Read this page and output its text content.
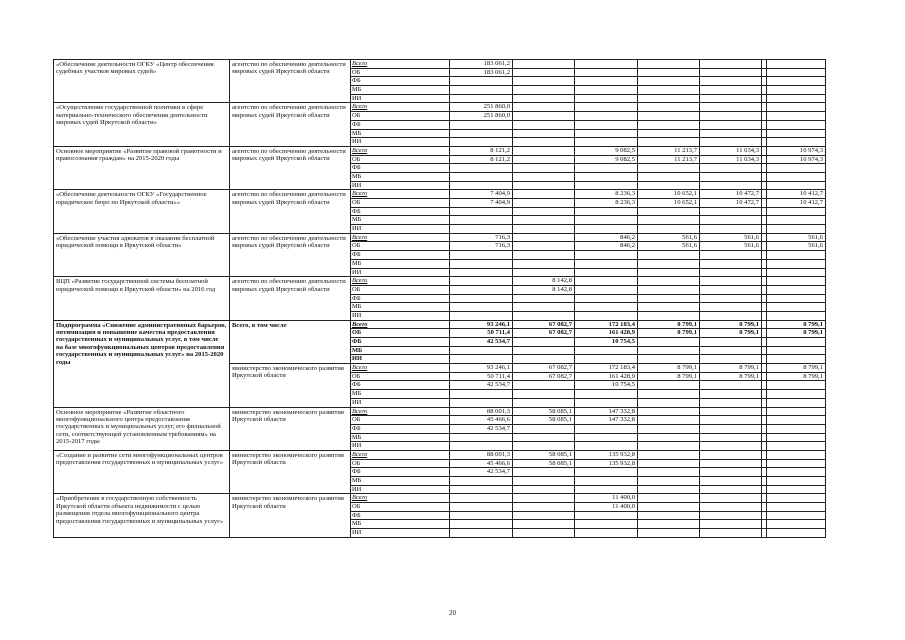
«Обеспечение деятельности ОГКУ «Центр обеспечения судебных участков мировых судей»	агентство по обеспечению деятельности мировых судей Иркутской области	Всего	183 061,2						
		ОБ	183 061,2						
		ФБ							
		МБ							
		ИИ							
«Осуществление государственной политики в сфере материально-технического обеспечения деятельности мировых судей Иркутской области»	агентство по обеспечению деятельности мировых судей Иркутской области	Всего	251 860,0						
		ОБ	251 860,0						
		ФБ							
		МБ							
		ИИ							
Основное мероприятие «Развитие правовой грамотности и правосознания граждан» на 2015-2020 годы	агентство по обеспечению деятельности мировых судей Иркутской области	Всего	8 121,2		9 082,5	11 213,7	11 034,3		10 974,3
		ОБ	8 121,2		9 082,5	11 213,7	11 034,3		10 974,3
		ФБ							
		МБ							
		ИИ							
«Обеспечение деятельности ОГКУ «Государственное юридическое бюро по Иркутской области»»	агентство по обеспечению деятельности мировых судей Иркутской области	Всего	7 404,9		8 236,3	10 652,1	10 472,7		10 412,7
		ОБ	7 404,9		8 236,3	10 652,1	10 472,7		10 412,7
		ФБ							
		МБ							
		ИИ							
«Обеспечение участия адвокатов в оказании бесплатной юридической помощи в Иркутской области»	агентство по обеспечению деятельности мировых судей Иркутской области	Всего	716,3		846,2	561,6	561,6		561,6
		ОБ	716,3		846,2	561,6	561,6		561,6
		ФБ							
		МБ							
		ИИ							
ВЦП «Развитие государственной системы бесплатной юридической помощи в Иркутской области» на 2016 год	агентство по обеспечению деятельности мировых судей Иркутской области	Всего		8 142,8					
		ОБ		8 142,8					
		ФБ							
		МБ							
		ИИ							
Подпрограмма «Снижение административных барьеров, оптимизация и повышение качества предоставления государственных и муниципальных услуг, в том числе на базе многофункциональных центров предоставления государственных и муниципальных услуг» на 2015-2020 годы	Всего, в том числе	Всего	93 246,1	67 082,7	172 183,4	8 799,1	8 799,1		8 799,1
		ОБ	50 711,4	67 082,7	161 428,9	8 799,1	8 799,1		8 799,1
		ФБ	42 534,7		10 754,5				
		МБ							
		ИИ							
	министерство экономического развития Иркутской области	Всего	93 246,1	67 082,7	172 183,4	8 799,1	8 799,1		8 799,1
		ОБ	50 711,4	67 082,7	161 428,9	8 799,1	8 799,1		8 799,1
		ФБ	42 534,7		10 754,5				
		МБ							
		ИИ							
Основное мероприятие «Развитие областного многофункционального центра предоставления государственных и муниципальных услуг, его филиальной сети, соответствующей установленным требованиям» на 2015-2017 годы	министерство экономического развития Иркутской области	Всего	88 001,3	58 085,1	147 332,8				
		ОБ	45 466,6	58 085,1	147 332,8				
		ФБ	42 534,7						
		МБ							
		ИИ							
«Создание и развитие сети многофункциональных центров предоставления государственных и муниципальных услуг»	министерство экономического развития Иркутской области	Всего	88 001,3	58 085,1	135 932,8				
		ОБ	45 466,6	58 085,1	135 932,8				
		ФБ	42 534,7						
		МБ							
		ИИ							
«Приобретение в государственную собственность Иркутской области объекта недвижимости с целью размещения отдела многофункционального центра предоставления государственных и муниципальных услуг»	министерство экономического развития Иркутской области	Всего			11 400,0				
		ОБ			11 400,0				
		ФБ							
		МБ							
		ИИ							
20
